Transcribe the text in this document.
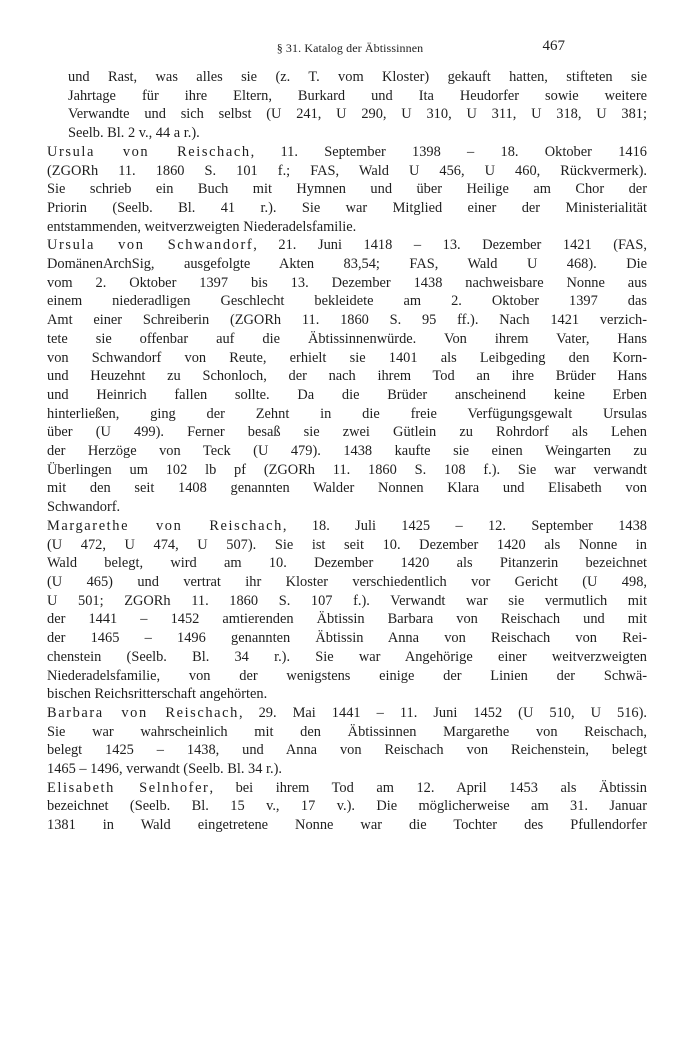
§ 31. Katalog der Äbtissinnen	467
und Rast, was alles sie (z. T. vom Kloster) gekauft hatten, stifteten sie
Jahrtage für ihre Eltern, Burkard und Ita Heudorfer sowie weitere
Verwandte und sich selbst (U 241, U 290, U 310, U 311, U 318, U 381;
Seelb. Bl. 2 v., 44 a r.).
Ursula von Reischach, 11. September 1398 – 18. Oktober 1416
(ZGORh 11. 1860 S. 101 f.; FAS, Wald U 456, U 460, Rückvermerk).
Sie schrieb ein Buch mit Hymnen und über Heilige am Chor der
Priorin (Seelb. Bl. 41 r.). Sie war Mitglied einer der Ministerialität
entstammenden, weitverzweigten Niederadelsfamilie.
Ursula von Schwandorf, 21. Juni 1418 – 13. Dezember 1421 (FAS,
DomänenArchSig, ausgefolgte Akten 83,54; FAS, Wald U 468). Die
vom 2. Oktober 1397 bis 13. Dezember 1438 nachweisbare Nonne aus
einem niederadligen Geschlecht bekleidete am 2. Oktober 1397 das
Amt einer Schreiberin (ZGORh 11. 1860 S. 95 ff.). Nach 1421 verzich-
tete sie offenbar auf die Äbtissinnenwürde. Von ihrem Vater, Hans
von Schwandorf von Reute, erhielt sie 1401 als Leibgeding den Korn-
und Heuzehnt zu Schonloch, der nach ihrem Tod an ihre Brüder Hans
und Heinrich fallen sollte. Da die Brüder anscheinend keine Erben
hinterließen, ging der Zehnt in die freie Verfügungsgewalt Ursulas
über (U 499). Ferner besaß sie zwei Gütlein zu Rohrdorf als Lehen
der Herzöge von Teck (U 479). 1438 kaufte sie einen Weingarten zu
Überlingen um 102 lb pf (ZGORh 11. 1860 S. 108 f.). Sie war verwandt
mit den seit 1408 genannten Walder Nonnen Klara und Elisabeth von
Schwandorf.
Margarethe von Reischach, 18. Juli 1425 – 12. September 1438
(U 472, U 474, U 507). Sie ist seit 10. Dezember 1420 als Nonne in
Wald belegt, wird am 10. Dezember 1420 als Pitanzerin bezeichnet
(U 465) und vertrat ihr Kloster verschiedentlich vor Gericht (U 498,
U 501; ZGORh 11. 1860 S. 107 f.). Verwandt war sie vermutlich mit
der 1441 – 1452 amtierenden Äbtissin Barbara von Reischach und mit
der 1465 – 1496 genannten Äbtissin Anna von Reischach von Rei-
chenstein (Seelb. Bl. 34 r.). Sie war Angehörige einer weitverzweigten
Niederadelsfamilie, von der wenigstens einige der Linien der Schwä-
bischen Reichsritterschaft angehörten.
Barbara von Reischach, 29. Mai 1441 – 11. Juni 1452 (U 510, U 516).
Sie war wahrscheinlich mit den Äbtissinnen Margarethe von Reischach,
belegt 1425 – 1438, und Anna von Reischach von Reichenstein, belegt
1465 – 1496, verwandt (Seelb. Bl. 34 r.).
Elisabeth Selnhofer, bei ihrem Tod am 12. April 1453 als Äbtissin
bezeichnet (Seelb. Bl. 15 v., 17 v.). Die möglicherweise am 31. Januar
1381 in Wald eingetretene Nonne war die Tochter des Pfullendorfer
